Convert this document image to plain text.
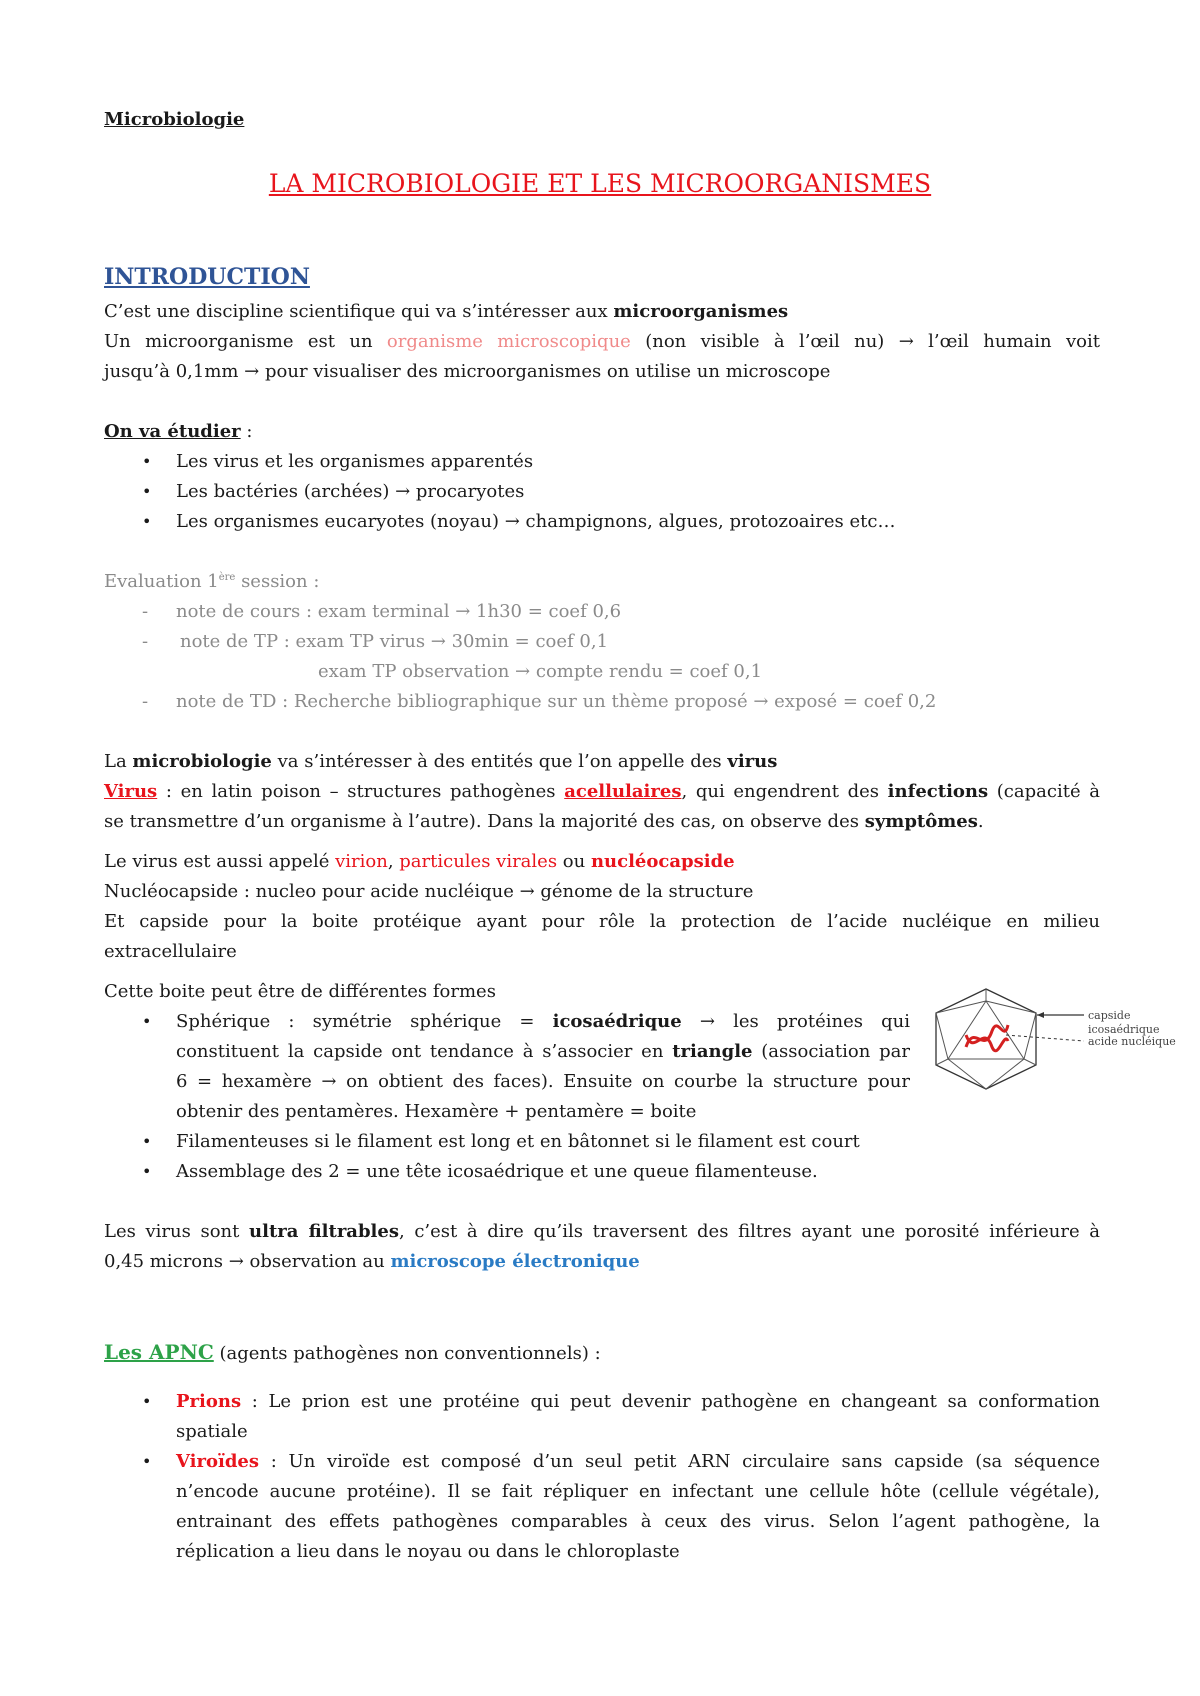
Microbiologie
LA MICROBIOLOGIE ET LES MICROORGANISMES
INTRODUCTION
C’est une discipline scientifique qui va s’intéresser aux microorganismes
Un microorganisme est un organisme microscopique (non visible à l’œil nu) → l’œil humain voit
jusqu’à 0,1mm → pour visualiser des microorganismes on utilise un microscope
On va étudier :
• Les virus et les organismes apparentés
• Les bactéries (archées) → procaryotes
• Les organismes eucaryotes (noyau) → champignons, algues, protozoaires etc…
Evaluation 1ère session :
- note de cours : exam terminal → 1h30 = coef 0,6
- note de TP : exam TP virus → 30min = coef 0,1
exam TP observation → compte rendu = coef 0,1
- note de TD : Recherche bibliographique sur un thème proposé → exposé = coef 0,2
La microbiologie va s’intéresser à des entités que l’on appelle des virus
Virus : en latin poison – structures pathogènes acellulaires, qui engendrent des infections (capacité à
se transmettre d’un organisme à l’autre). Dans la majorité des cas, on observe des symptômes.
Le virus est aussi appelé virion, particules virales ou nucléocapside
Nucléocapside : nucleo pour acide nucléique → génome de la structure
Et capside pour la boite protéique ayant pour rôle la protection de l’acide nucléique en milieu
extracellulaire
Cette boite peut être de différentes formes
• Sphérique : symétrie sphérique = icosaédrique → les protéines qui
constituent la capside ont tendance à s’associer en triangle (association par
6 = hexamère → on obtient des faces). Ensuite on courbe la structure pour
obtenir des pentamères. Hexamère + pentamère = boite
• Filamenteuses si le filament est long et en bâtonnet si le filament est court
• Assemblage des 2 = une tête icosaédrique et une queue filamenteuse.
capside icosaédrique
acide nucléique
Les virus sont ultra filtrables, c’est à dire qu’ils traversent des filtres ayant une porosité inférieure à
0,45 microns → observation au microscope électronique
Les APNC (agents pathogènes non conventionnels) :
• Prions : Le prion est une protéine qui peut devenir pathogène en changeant sa conformation
spatiale
• Viroïdes : Un viroïde est composé d’un seul petit ARN circulaire sans capside (sa séquence
n’encode aucune protéine). Il se fait répliquer en infectant une cellule hôte (cellule végétale),
entrainant des effets pathogènes comparables à ceux des virus. Selon l’agent pathogène, la
réplication a lieu dans le noyau ou dans le chloroplaste
